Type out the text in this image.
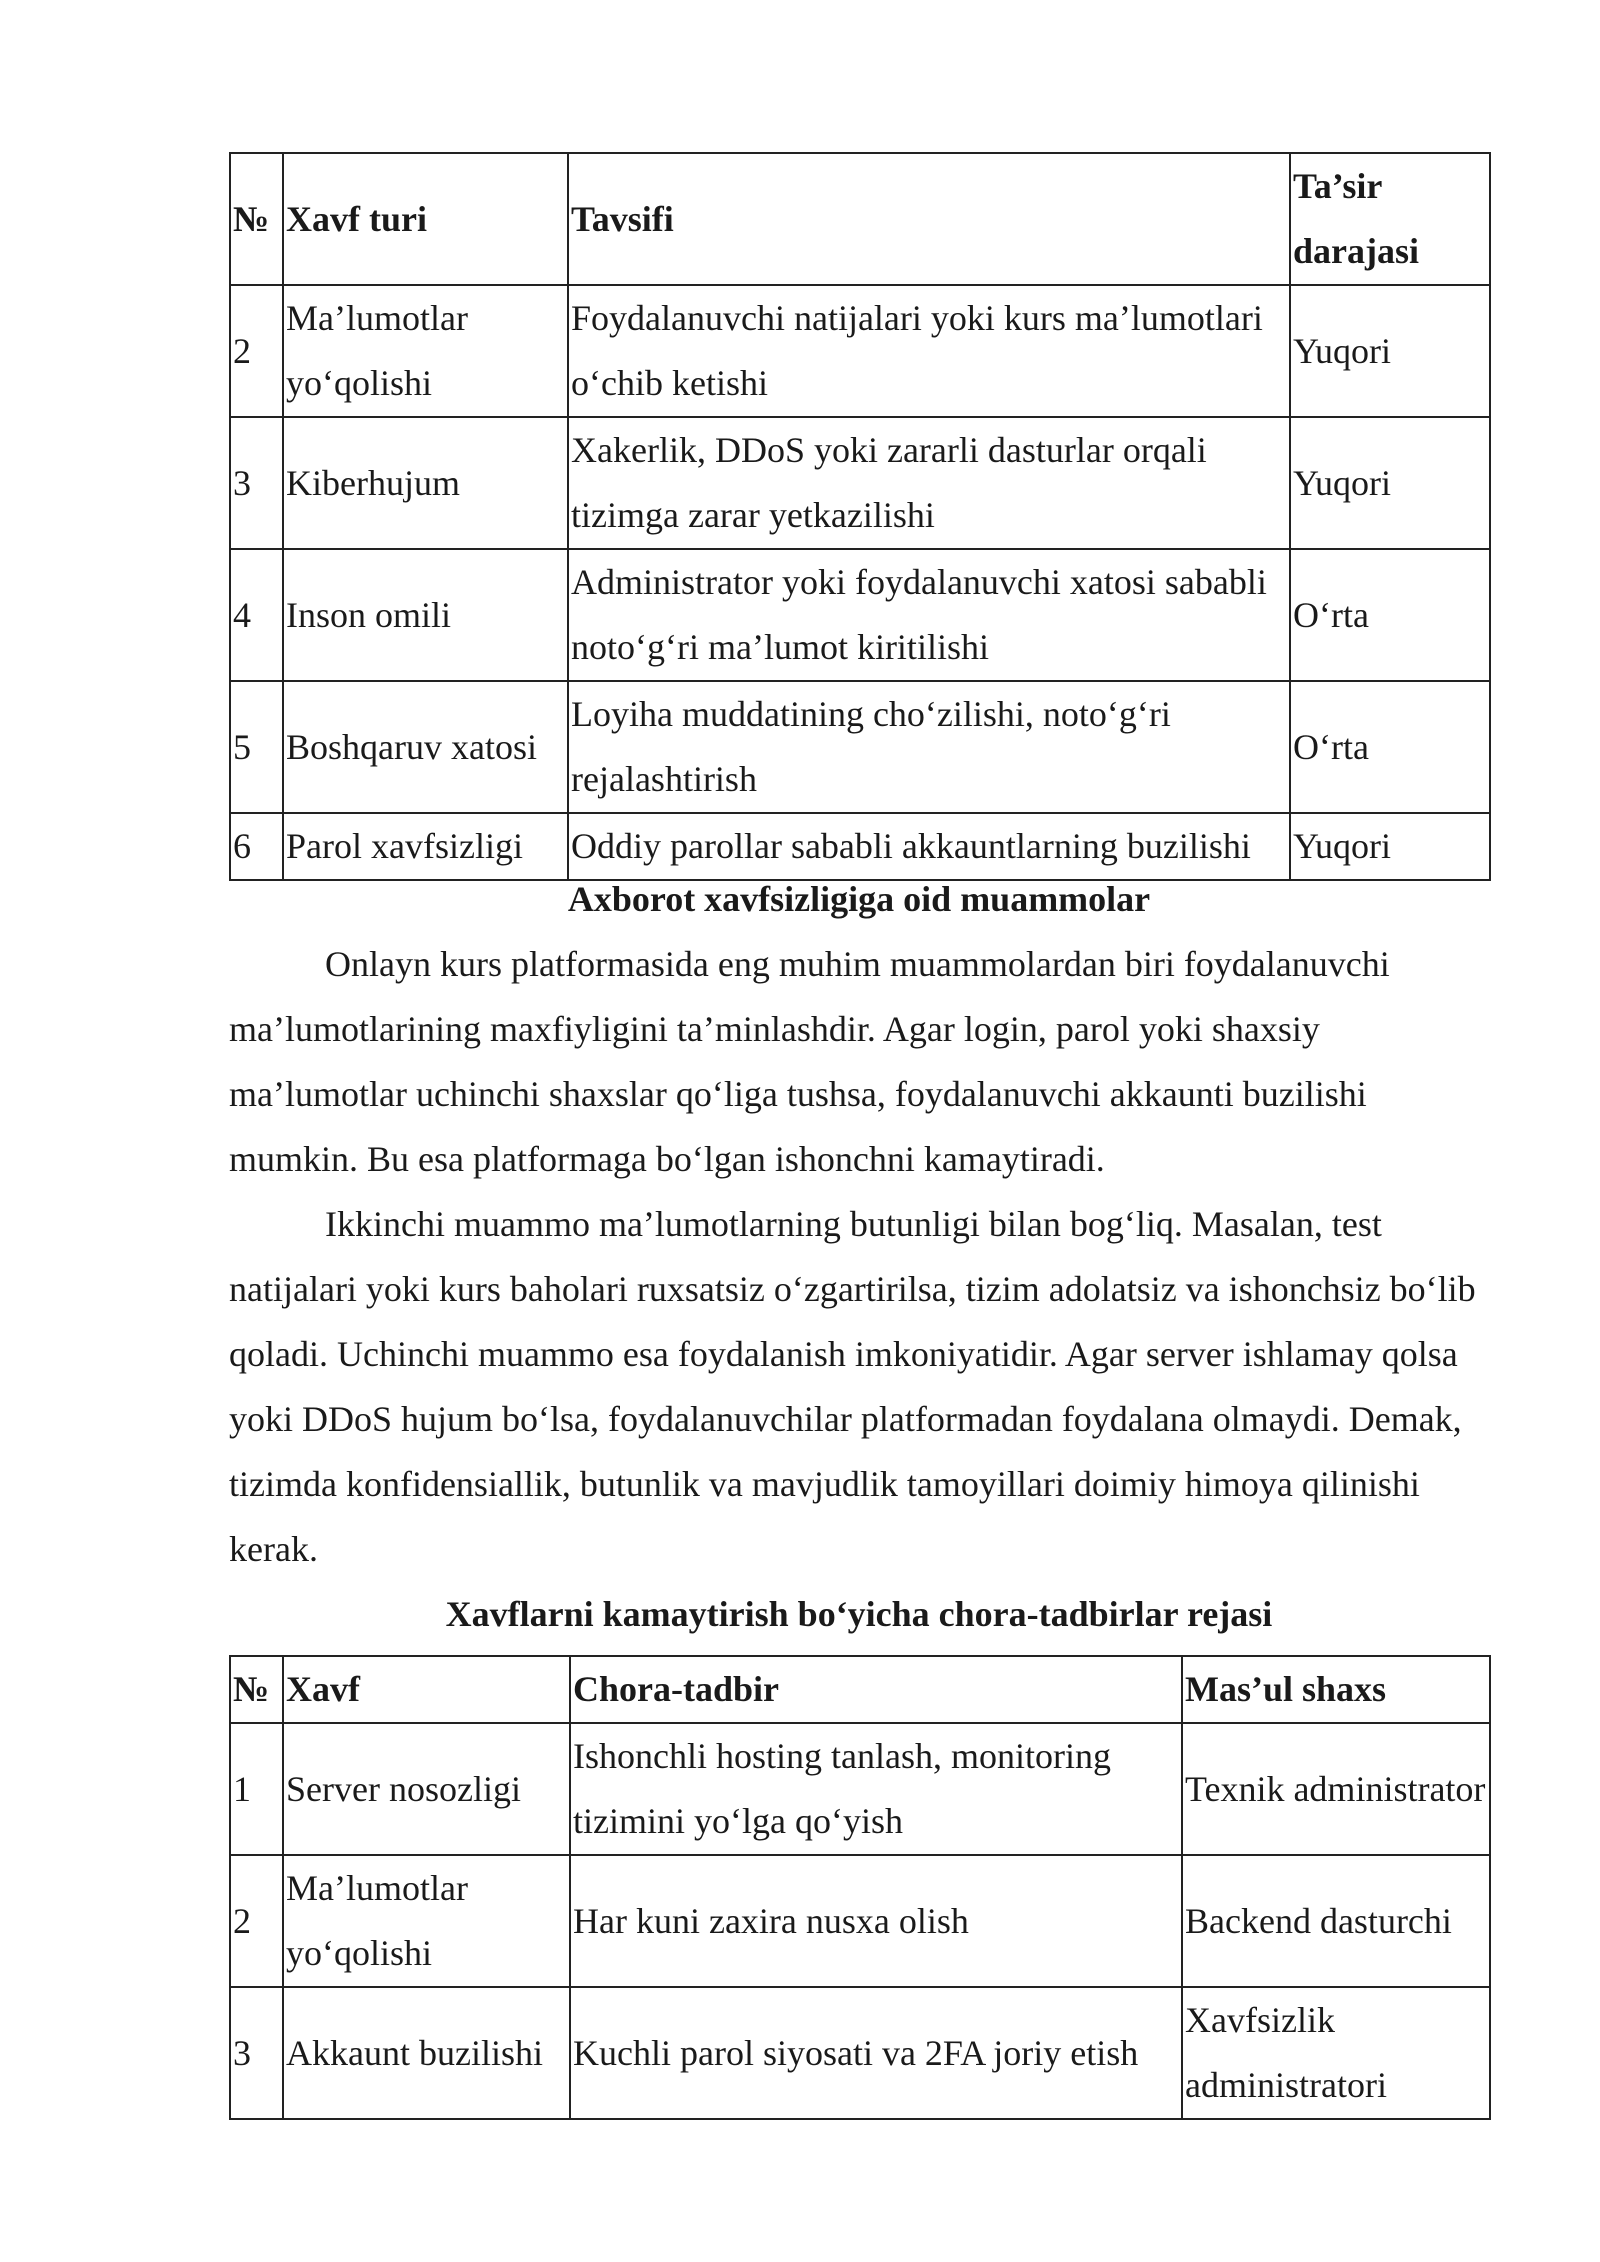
№	Xavf turi	Tavsifi	Ta’sir darajasi
2	Ma’lumotlar yo‘qolishi	Foydalanuvchi natijalari yoki kurs ma’lumotlari o‘chib ketishi	Yuqori
3	Kiberhujum	Xakerlik, DDoS yoki zararli dasturlar orqali tizimga zarar yetkazilishi	Yuqori
4	Inson omili	Administrator yoki foydalanuvchi xatosi sababli noto‘g‘ri ma’lumot kiritilishi	O‘rta
5	Boshqaruv xatosi	Loyiha muddatining cho‘zilishi, noto‘g‘ri rejalashtirish	O‘rta
6	Parol xavfsizligi	Oddiy parollar sababli akkauntlarning buzilishi	Yuqori
Axborot xavfsizligiga oid muammolar

Onlayn kurs platformasida eng muhim muammolardan biri foydalanuvchi ma’lumotlarining maxfiyligini ta’minlashdir. Agar login, parol yoki shaxsiy ma’lumotlar uchinchi shaxslar qo‘liga tushsa, foydalanuvchi akkaunti buzilishi mumkin. Bu esa platformaga bo‘lgan ishonchni kamaytiradi.

Ikkinchi muammo ma’lumotlarning butunligi bilan bog‘liq. Masalan, test natijalari yoki kurs baholari ruxsatsiz o‘zgartirilsa, tizim adolatsiz va ishonchsiz bo‘lib qoladi. Uchinchi muammo esa foydalanish imkoniyatidir. Agar server ishlamay qolsa yoki DDoS hujum bo‘lsa, foydalanuvchilar platformadan foydalana olmaydi. Demak, tizimda konfidensiallik, butunlik va mavjudlik tamoyillari doimiy himoya qilinishi kerak.

Xavflarni kamaytirish bo‘yicha chora-tadbirlar rejasi
№	Xavf	Chora-tadbir	Mas’ul shaxs
1	Server nosozligi	Ishonchli hosting tanlash, monitoring tizimini yo‘lga qo‘yish	Texnik administrator
2	Ma’lumotlar yo‘qolishi	Har kuni zaxira nusxa olish	Backend dasturchi
3	Akkaunt buzilishi	Kuchli parol siyosati va 2FA joriy etish	Xavfsizlik administratori
